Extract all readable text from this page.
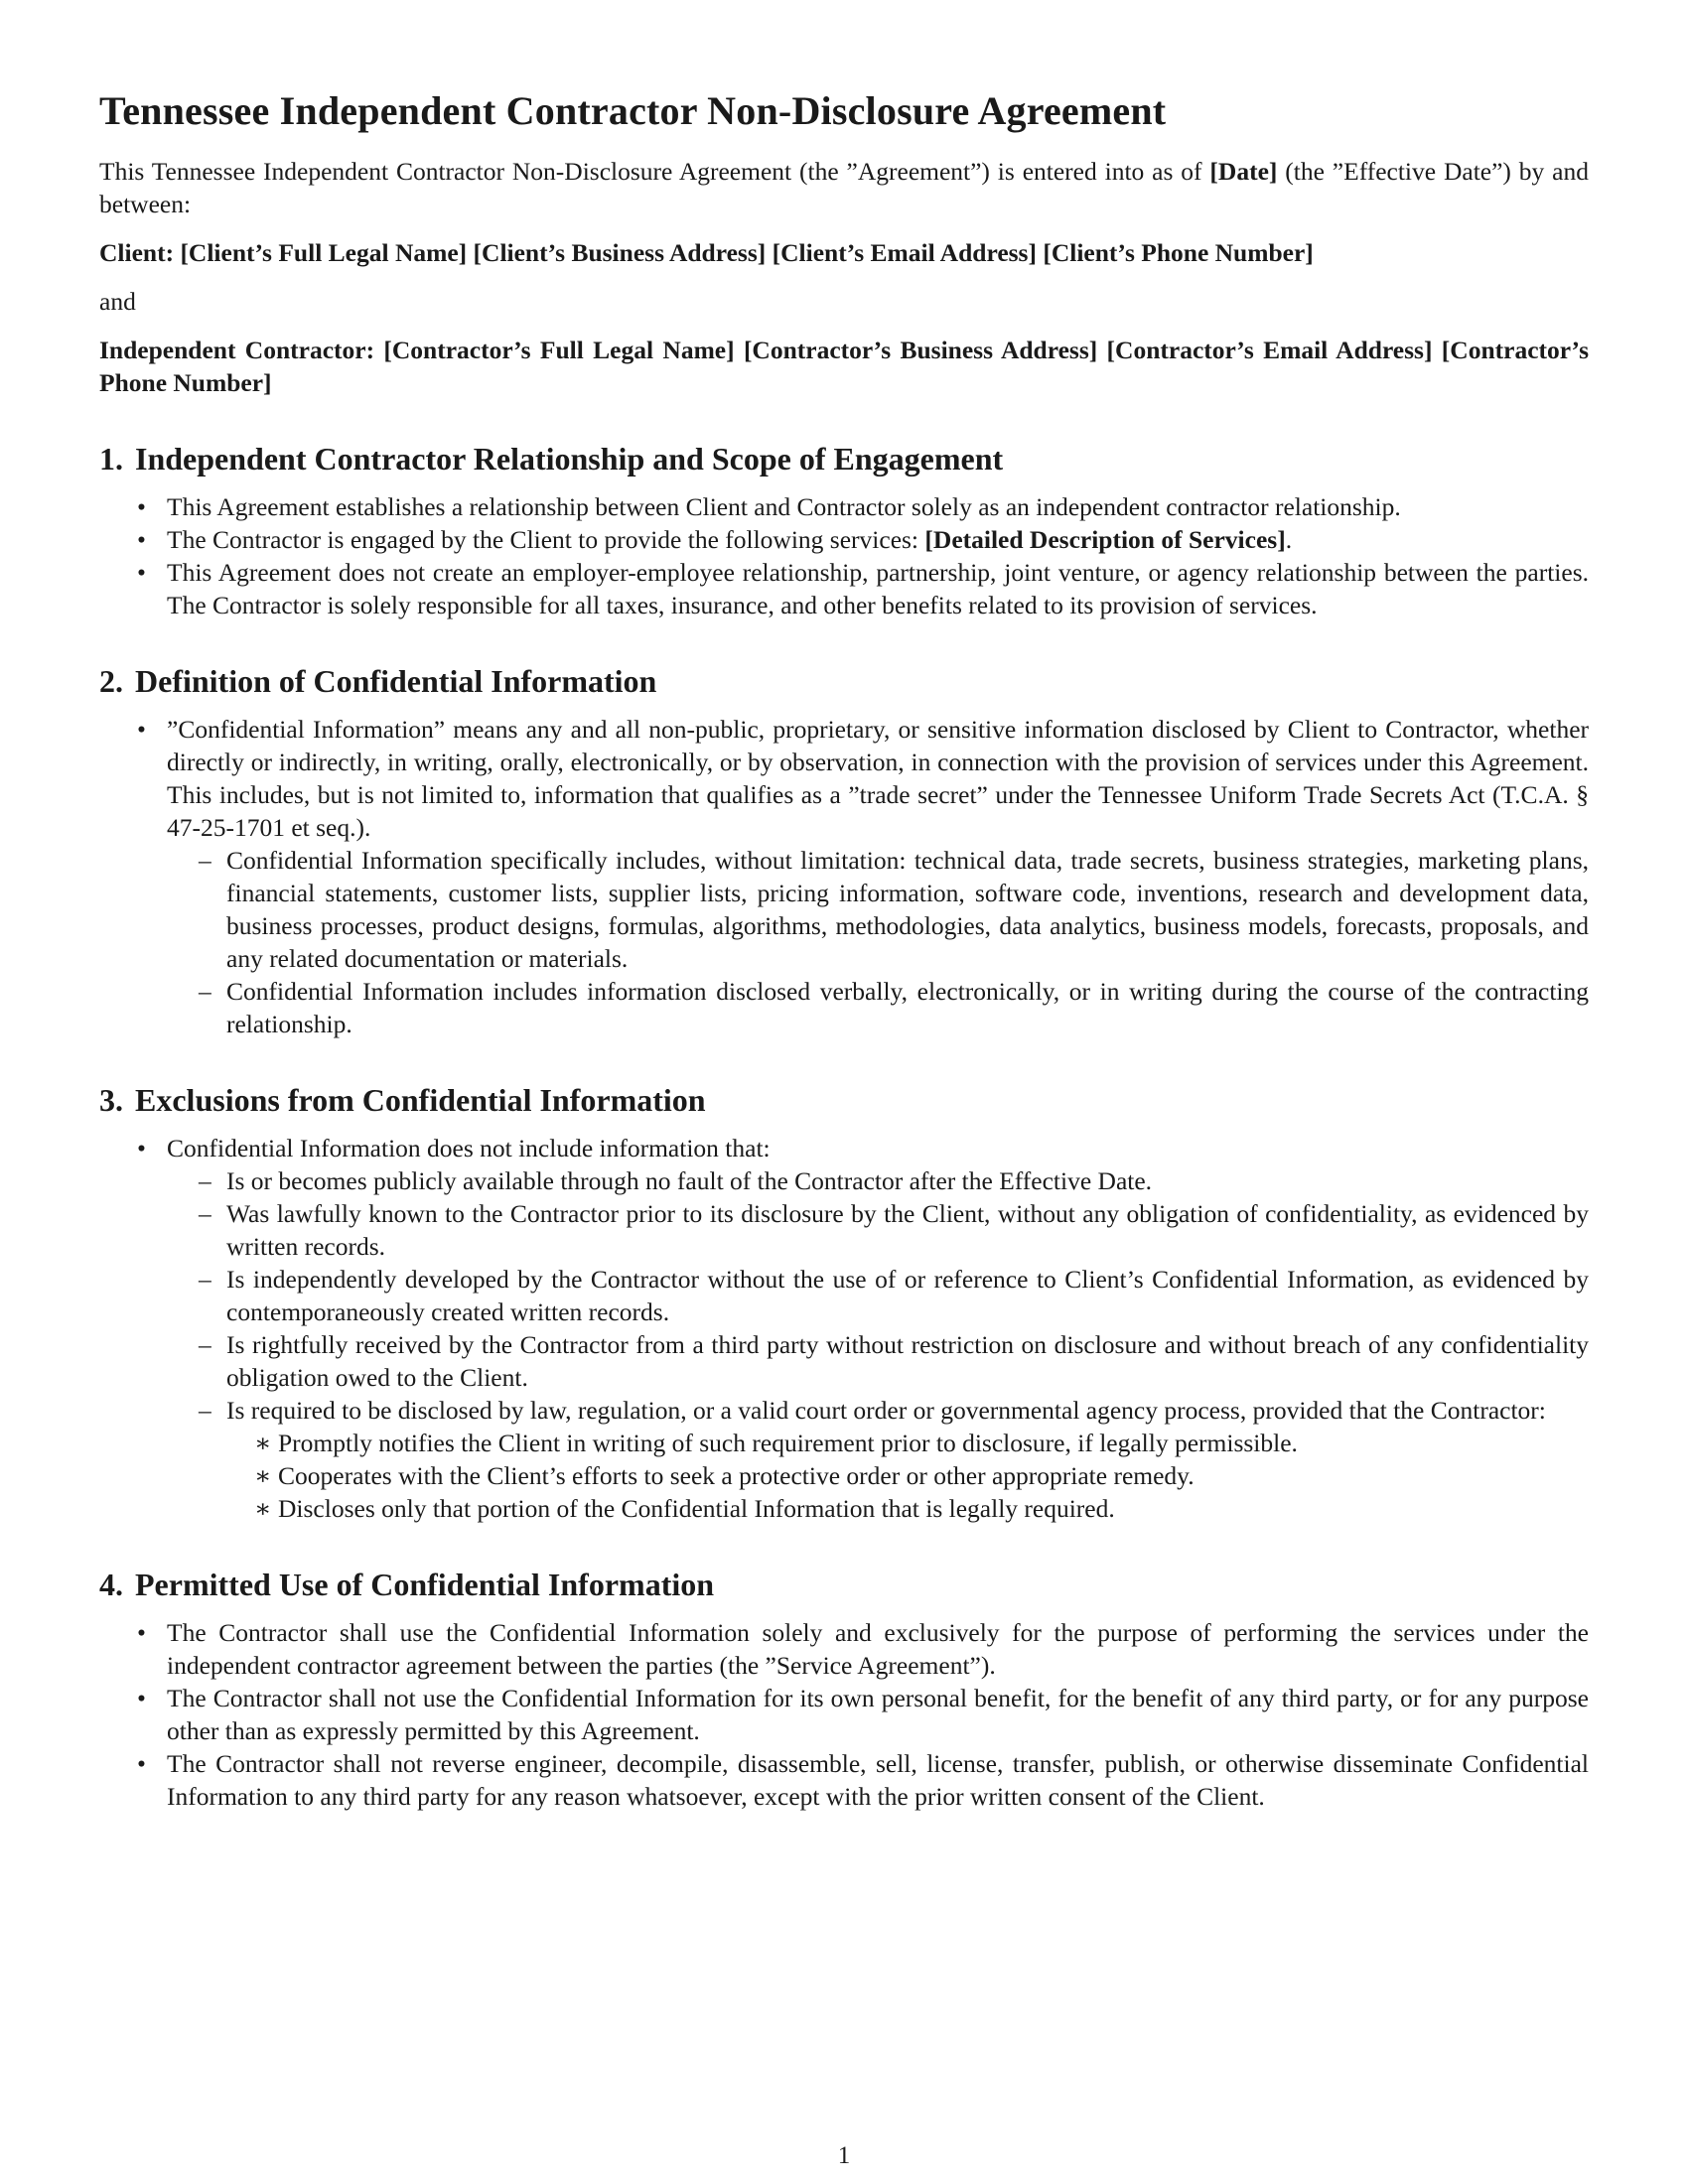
Tennessee Independent Contractor Non-Disclosure Agreement

This Tennessee Independent Contractor Non-Disclosure Agreement (the ”Agreement”) is entered into as of [Date] (the ”Effective Date”) by and between:

Client: [Client’s Full Legal Name] [Client’s Business Address] [Client’s Email Address] [Client’s Phone Number]

and

Independent Contractor: [Contractor’s Full Legal Name] [Contractor’s Business Address] [Contractor’s Email Address] [Contractor’s Phone Number]

1. Independent Contractor Relationship and Scope of Engagement
• This Agreement establishes a relationship between Client and Contractor solely as an independent contractor relationship.
• The Contractor is engaged by the Client to provide the following services: [Detailed Description of Services].
• This Agreement does not create an employer-employee relationship, partnership, joint venture, or agency relationship between the parties. The Contractor is solely responsible for all taxes, insurance, and other benefits related to its provision of services.
2. Definition of Confidential Information
• ”Confidential Information” means any and all non-public, proprietary, or sensitive information disclosed by Client to Contractor, whether directly or indirectly, in writing, orally, electronically, or by observation, in connection with the provision of services under this Agreement. This includes, but is not limited to, information that qualifies as a ”trade secret” under the Tennessee Uniform Trade Secrets Act (T.C.A. § 47-25-1701 et seq.).
– Confidential Information specifically includes, without limitation: technical data, trade secrets, business strategies, marketing plans, financial statements, customer lists, supplier lists, pricing information, software code, inventions, research and development data, business processes, product designs, formulas, algorithms, methodologies, data analytics, business models, forecasts, proposals, and any related documentation or materials.
– Confidential Information includes information disclosed verbally, electronically, or in writing during the course of the contracting relationship.
3. Exclusions from Confidential Information
• Confidential Information does not include information that:
– Is or becomes publicly available through no fault of the Contractor after the Effective Date.
– Was lawfully known to the Contractor prior to its disclosure by the Client, without any obligation of confidentiality, as evidenced by written records.
– Is independently developed by the Contractor without the use of or reference to Client’s Confidential Information, as evidenced by contemporaneously created written records.
– Is rightfully received by the Contractor from a third party without restriction on disclosure and without breach of any confidentiality obligation owed to the Client.
– Is required to be disclosed by law, regulation, or a valid court order or governmental agency process, provided that the Contractor:
∗ Promptly notifies the Client in writing of such requirement prior to disclosure, if legally permissible.
∗ Cooperates with the Client’s efforts to seek a protective order or other appropriate remedy.
∗ Discloses only that portion of the Confidential Information that is legally required.
4. Permitted Use of Confidential Information
• The Contractor shall use the Confidential Information solely and exclusively for the purpose of performing the services under the independent contractor agreement between the parties (the ”Service Agreement”).
• The Contractor shall not use the Confidential Information for its own personal benefit, for the benefit of any third party, or for any purpose other than as expressly permitted by this Agreement.
• The Contractor shall not reverse engineer, decompile, disassemble, sell, license, transfer, publish, or otherwise disseminate Confidential Information to any third party for any reason whatsoever, except with the prior written consent of the Client.
1
